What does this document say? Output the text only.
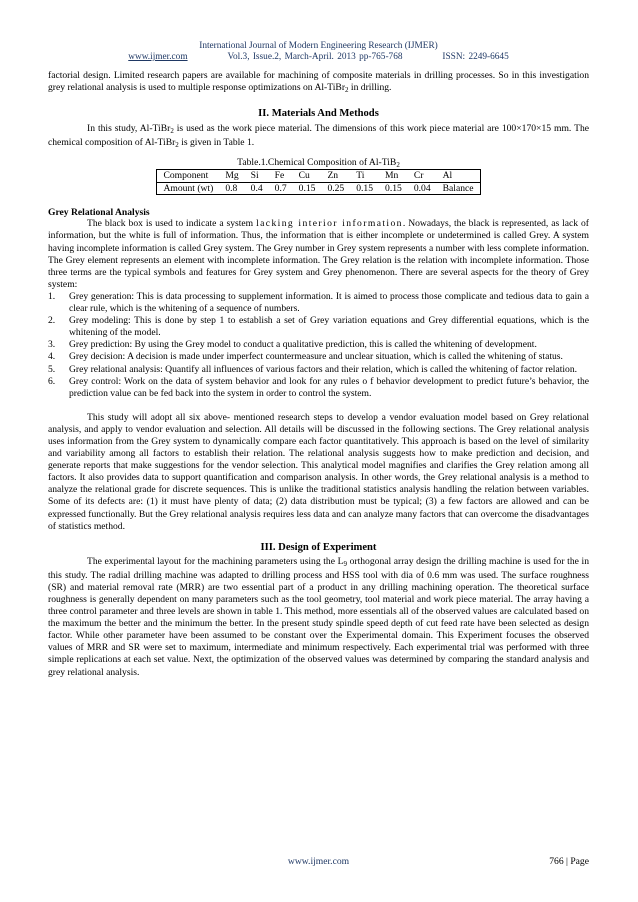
International Journal of Modern Engineering Research (IJMER)
www.ijmer.com	Vol.3, Issue.2, March-April. 2013 pp-765-768	ISSN: 2249-6645

factorial design. Limited research papers are available for machining of composite materials in drilling processes. So in this investigation grey relational analysis is used to multiple response optimizations on Al-TiBr$_2$ in drilling.

II. Materials And Methods

In this study, Al-TiBr$_2$ is used as the work piece material. The dimensions of this work piece material are 100×170×15 mm. The chemical composition of Al-TiBr$_2$ is given in Table 1.

Table.1.Chemical Composition of Al-TiB$_2$

Component	Mg	Si	Fe	Cu	Zn	Ti	Mn	Cr	Al
Amount (wt)	0.8	0.4	0.7	0.15	0.25	0.15	0.15	0.04	Balance

Grey Relational Analysis

The black box is used to indicate a system lacking interior information. Nowadays, the black is represented, as lack of information, but the white is full of information. Thus, the information that is either incomplete or undetermined is called Grey. A system having incomplete information is called Grey system. The Grey number in Grey system represents a number with less complete information. The Grey element represents an element with incomplete information. The Grey relation is the relation with incomplete information. Those three terms are the typical symbols and features for Grey system and Grey phenomenon. There are several aspects for the theory of Grey system:

1. Grey generation: This is data processing to supplement information. It is aimed to process those complicate and tedious data to gain a clear rule, which is the whitening of a sequence of numbers.
2. Grey modeling: This is done by step 1 to establish a set of Grey variation equations and Grey differential equations, which is the whitening of the model.
3. Grey prediction: By using the Grey model to conduct a qualitative prediction, this is called the whitening of development.
4. Grey decision: A decision is made under imperfect countermeasure and unclear situation, which is called the whitening of status.
5. Grey relational analysis: Quantify all influences of various factors and their relation, which is called the whitening of factor relation.
6. Grey control: Work on the data of system behavior and look for any rules o f behavior development to predict future’s behavior, the prediction value can be fed back into the system in order to control the system.

This study will adopt all six above- mentioned research steps to develop a vendor evaluation model based on Grey relational analysis, and apply to vendor evaluation and selection. All details will be discussed in the following sections. The Grey relational analysis uses information from the Grey system to dynamically compare each factor quantitatively. This approach is based on the level of similarity and variability among all factors to establish their relation. The relational analysis suggests how to make prediction and decision, and generate reports that make suggestions for the vendor selection. This analytical model magnifies and clarifies the Grey relation among all factors. It also provides data to support quantification and comparison analysis. In other words, the Grey relational analysis is a method to analyze the relational grade for discrete sequences. This is unlike the traditional statistics analysis handling the relation between variables. Some of its defects are: (1) it must have plenty of data; (2) data distribution must be typical; (3) a few factors are allowed and can be expressed functionally. But the Grey relational analysis requires less data and can analyze many factors that can overcome the disadvantages of statistics method.

III. Design of Experiment

The experimental layout for the machining parameters using the $L_9$ orthogonal array design the drilling machine is used for the in this study. The radial drilling machine was adapted to drilling process and HSS tool with dia of 0.6 mm was used. The surface roughness (SR) and material removal rate (MRR) are two essential part of a product in any drilling machining operation. The theoretical surface roughness is generally dependent on many parameters such as the tool geometry, tool material and work piece material. The array having a three control parameter and three levels are shown in table 1. This method, more essentials all of the observed values are calculated based on the maximum the better and the minimum the better. In the present study spindle speed depth of cut feed rate have been selected as design factor. While other parameter have been assumed to be constant over the Experimental domain. This Experiment focuses the observed values of MRR and SR were set to maximum, intermediate and minimum respectively. Each experimental trial was performed with three simple replications at each set value. Next, the optimization of the observed values was determined by comparing the standard analysis and grey relational analysis.

www.ijmer.com	766 | Page
